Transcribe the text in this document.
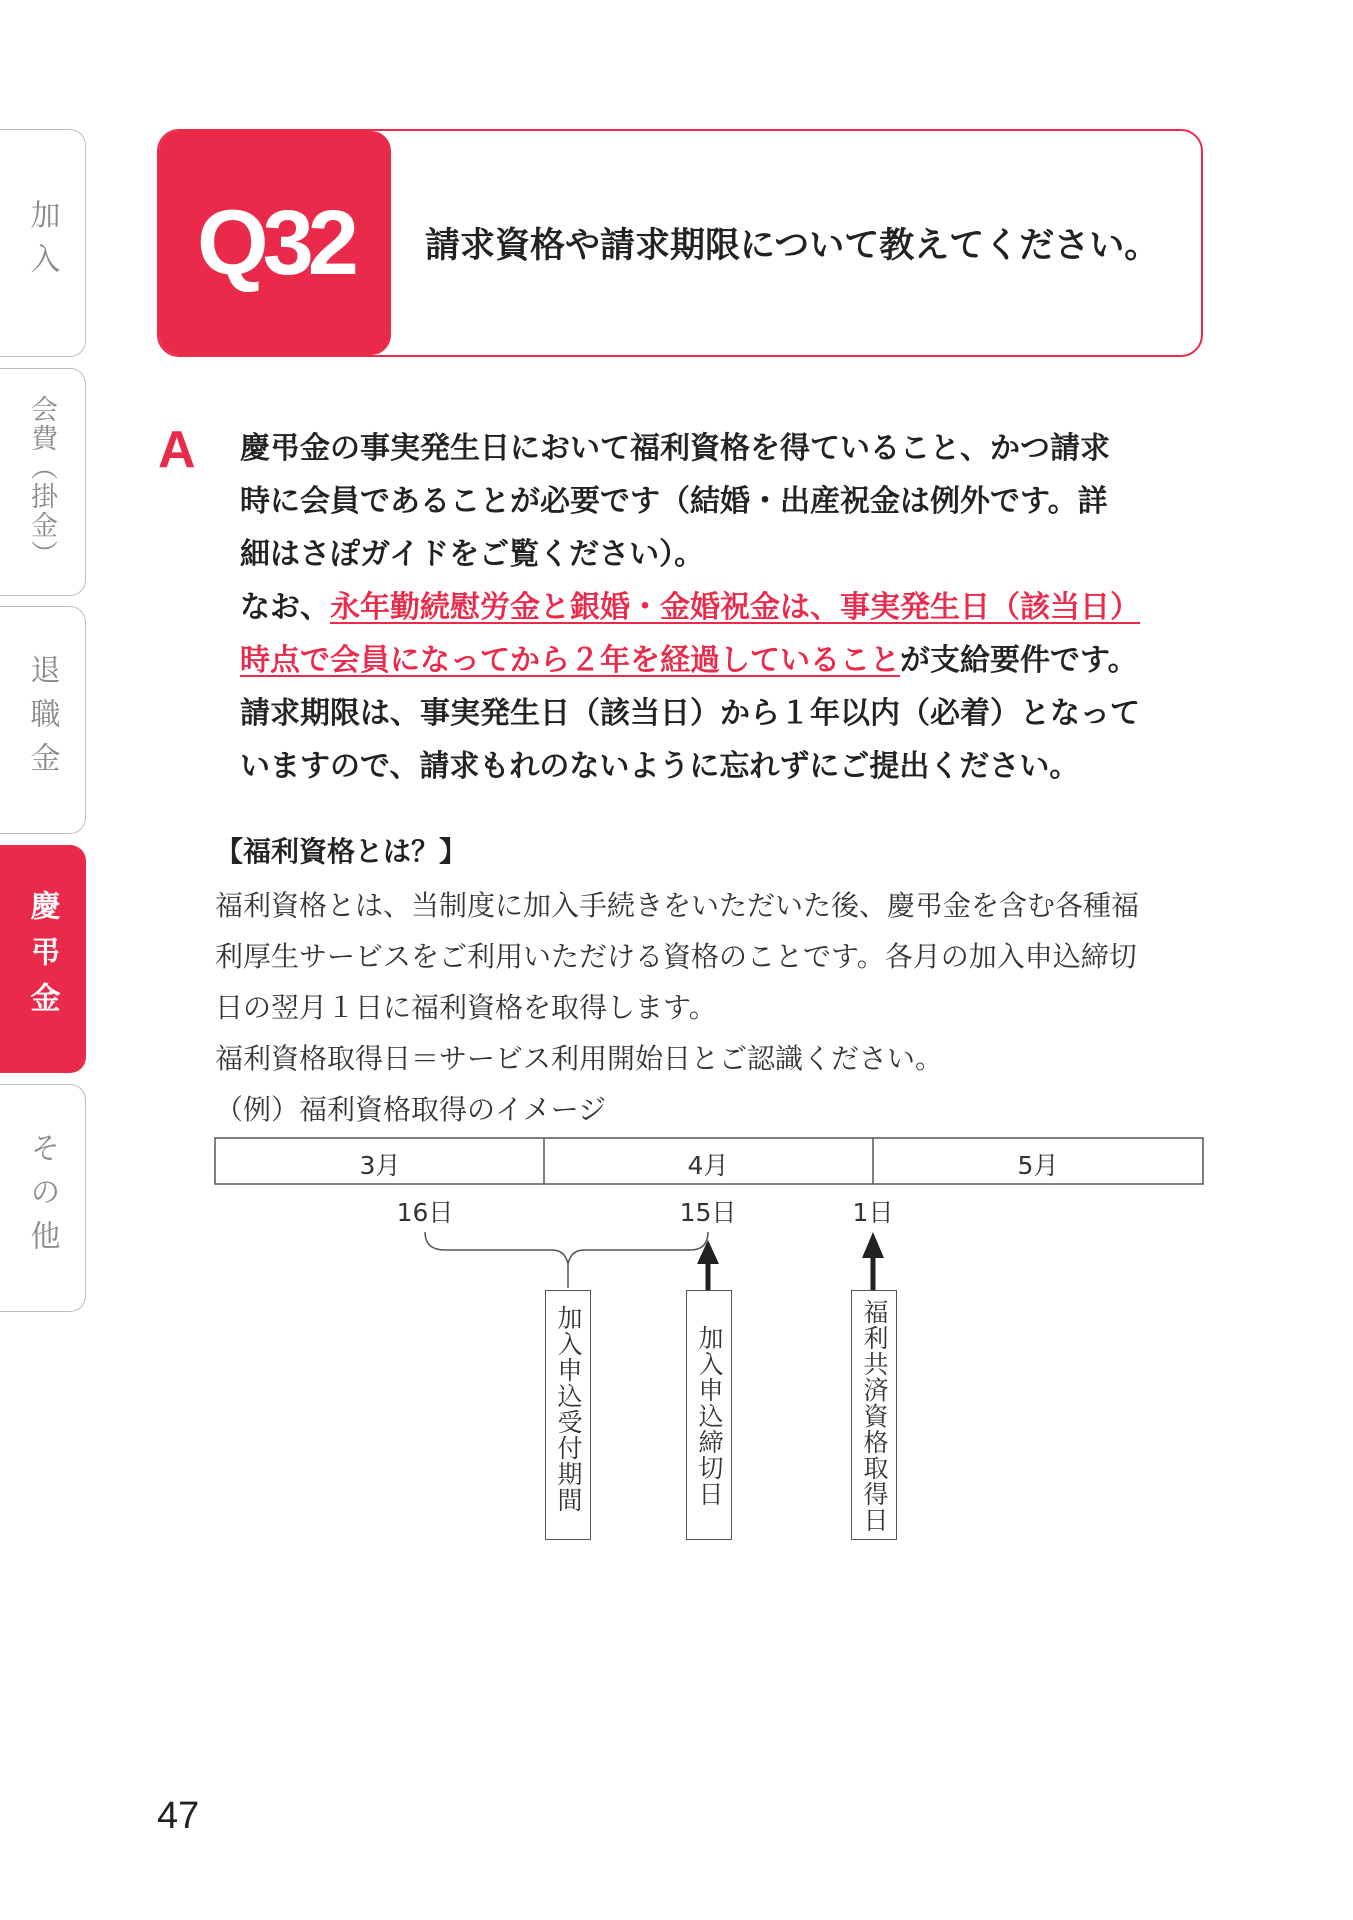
加入
会費（掛金）
退職金
慶弔金
その他
Q32 請求資格や請求期限について教えてください。
A 慶弔金の事実発生日において福利資格を得ていること、かつ請求

時に会員であることが必要です（結婚・出産祝金は例外です。詳

細はさぽガイドをご覧ください）。

なお、永年勤続慰労金と銀婚・金婚祝金は、事実発生日（該当日）

時点で会員になってから２年を経過していることが支給要件です。

請求期限は、事実発生日（該当日）から１年以内（必着）となって

いますので、請求もれのないように忘れずにご提出ください。

【福利資格とは？】

福利資格とは、当制度に加入手続きをいただいた後、慶弔金を含む各種福

利厚生サービスをご利用いただける資格のことです。各月の加入申込締切

日の翌月１日に福利資格を取得します。

福利資格取得日＝サービス利用開始日とご認識ください。

（例）福利資格取得のイメージ

3月	4月	5月
16日	15日	1日
加入申込受付期間	加入申込締切日	福利共済資格取得日
47
